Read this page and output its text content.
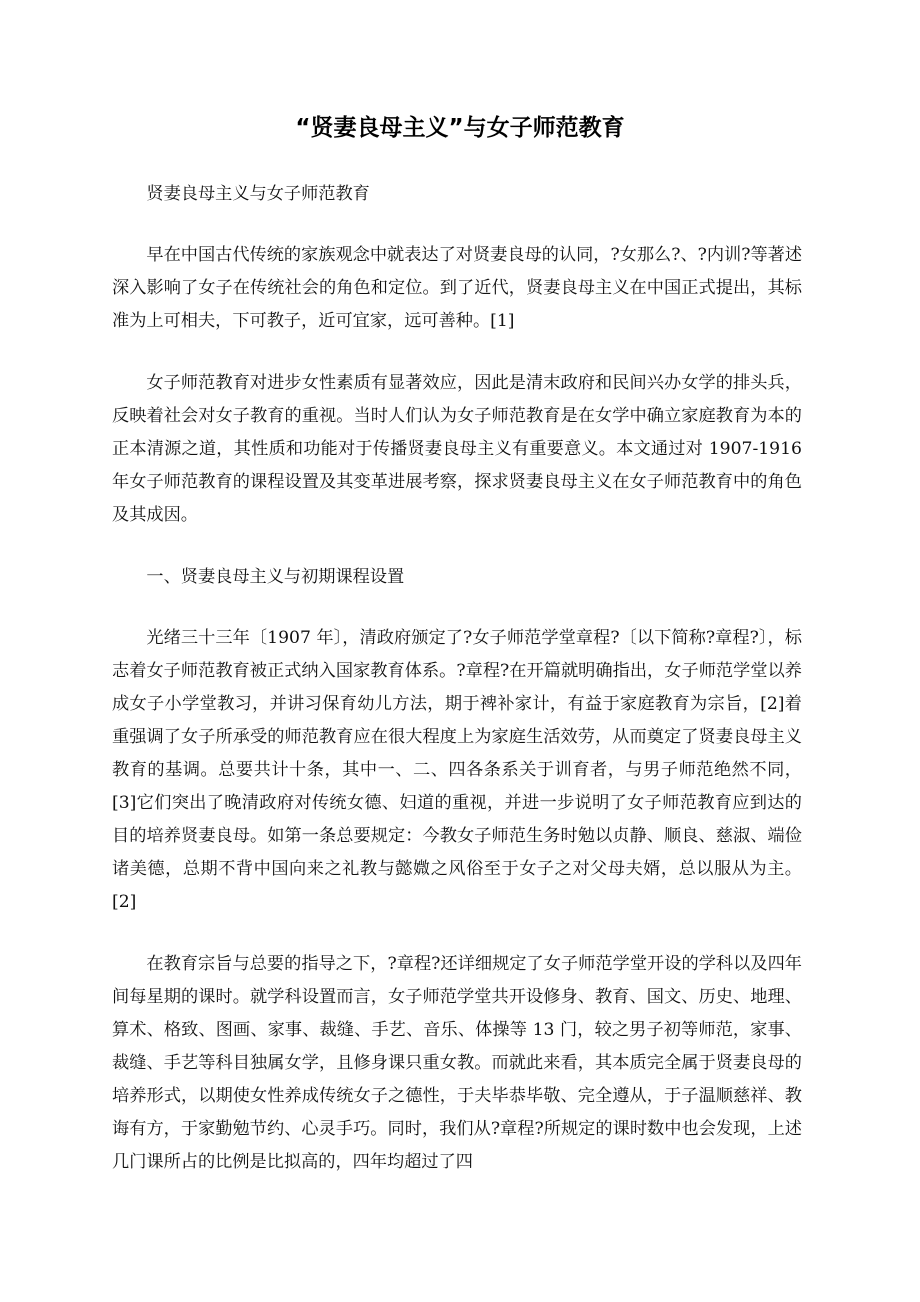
“贤妻良母主义”与女子师范教育

贤妻良母主义与女子师范教育

早在中国古代传统的家族观念中就表达了对贤妻良母的认同，?女那么?、?内训?等著述深入影响了女子在传统社会的角色和定位。到了近代，贤妻良母主义在中国正式提出，其标准为上可相夫，下可教子，近可宜家，远可善种。[1]

女子师范教育对进步女性素质有显著效应，因此是清末政府和民间兴办女学的排头兵，反映着社会对女子教育的重视。当时人们认为女子师范教育是在女学中确立家庭教育为本的正本清源之道，其性质和功能对于传播贤妻良母主义有重要意义。本文通过对 1907-1916 年女子师范教育的课程设置及其变革进展考察，探求贤妻良母主义在女子师范教育中的角色及其成因。

一、贤妻良母主义与初期课程设置

光绪三十三年〔1907 年〕，清政府颁定了?女子师范学堂章程?〔以下简称?章程?〕，标志着女子师范教育被正式纳入国家教育体系。?章程?在开篇就明确指出，女子师范学堂以养成女子小学堂教习，并讲习保育幼儿方法，期于裨补家计，有益于家庭教育为宗旨，[2]着重强调了女子所承受的师范教育应在很大程度上为家庭生活效劳，从而奠定了贤妻良母主义教育的基调。总要共计十条，其中一、二、四各条系关于训育者，与男子师范绝然不同，[3]它们突出了晚清政府对传统女德、妇道的重视，并进一步说明了女子师范教育应到达的目的培养贤妻良母。如第一条总要规定：今教女子师范生务时勉以贞静、顺良、慈淑、端俭诸美德，总期不背中国向来之礼教与懿媺之风俗至于女子之对父母夫婿，总以服从为主。[2]

在教育宗旨与总要的指导之下，?章程?还详细规定了女子师范学堂开设的学科以及四年间每星期的课时。就学科设置而言，女子师范学堂共开设修身、教育、国文、历史、地理、算术、格致、图画、家事、裁缝、手艺、音乐、体操等 13 门，较之男子初等师范，家事、裁缝、手艺等科目独属女学，且修身课只重女教。而就此来看，其本质完全属于贤妻良母的培养形式，以期使女性养成传统女子之德性，于夫毕恭毕敬、完全遵从，于子温顺慈祥、教诲有方，于家勤勉节约、心灵手巧。同时，我们从?章程?所规定的课时数中也会发现，上述几门课所占的比例是比拟高的，四年均超过了四
